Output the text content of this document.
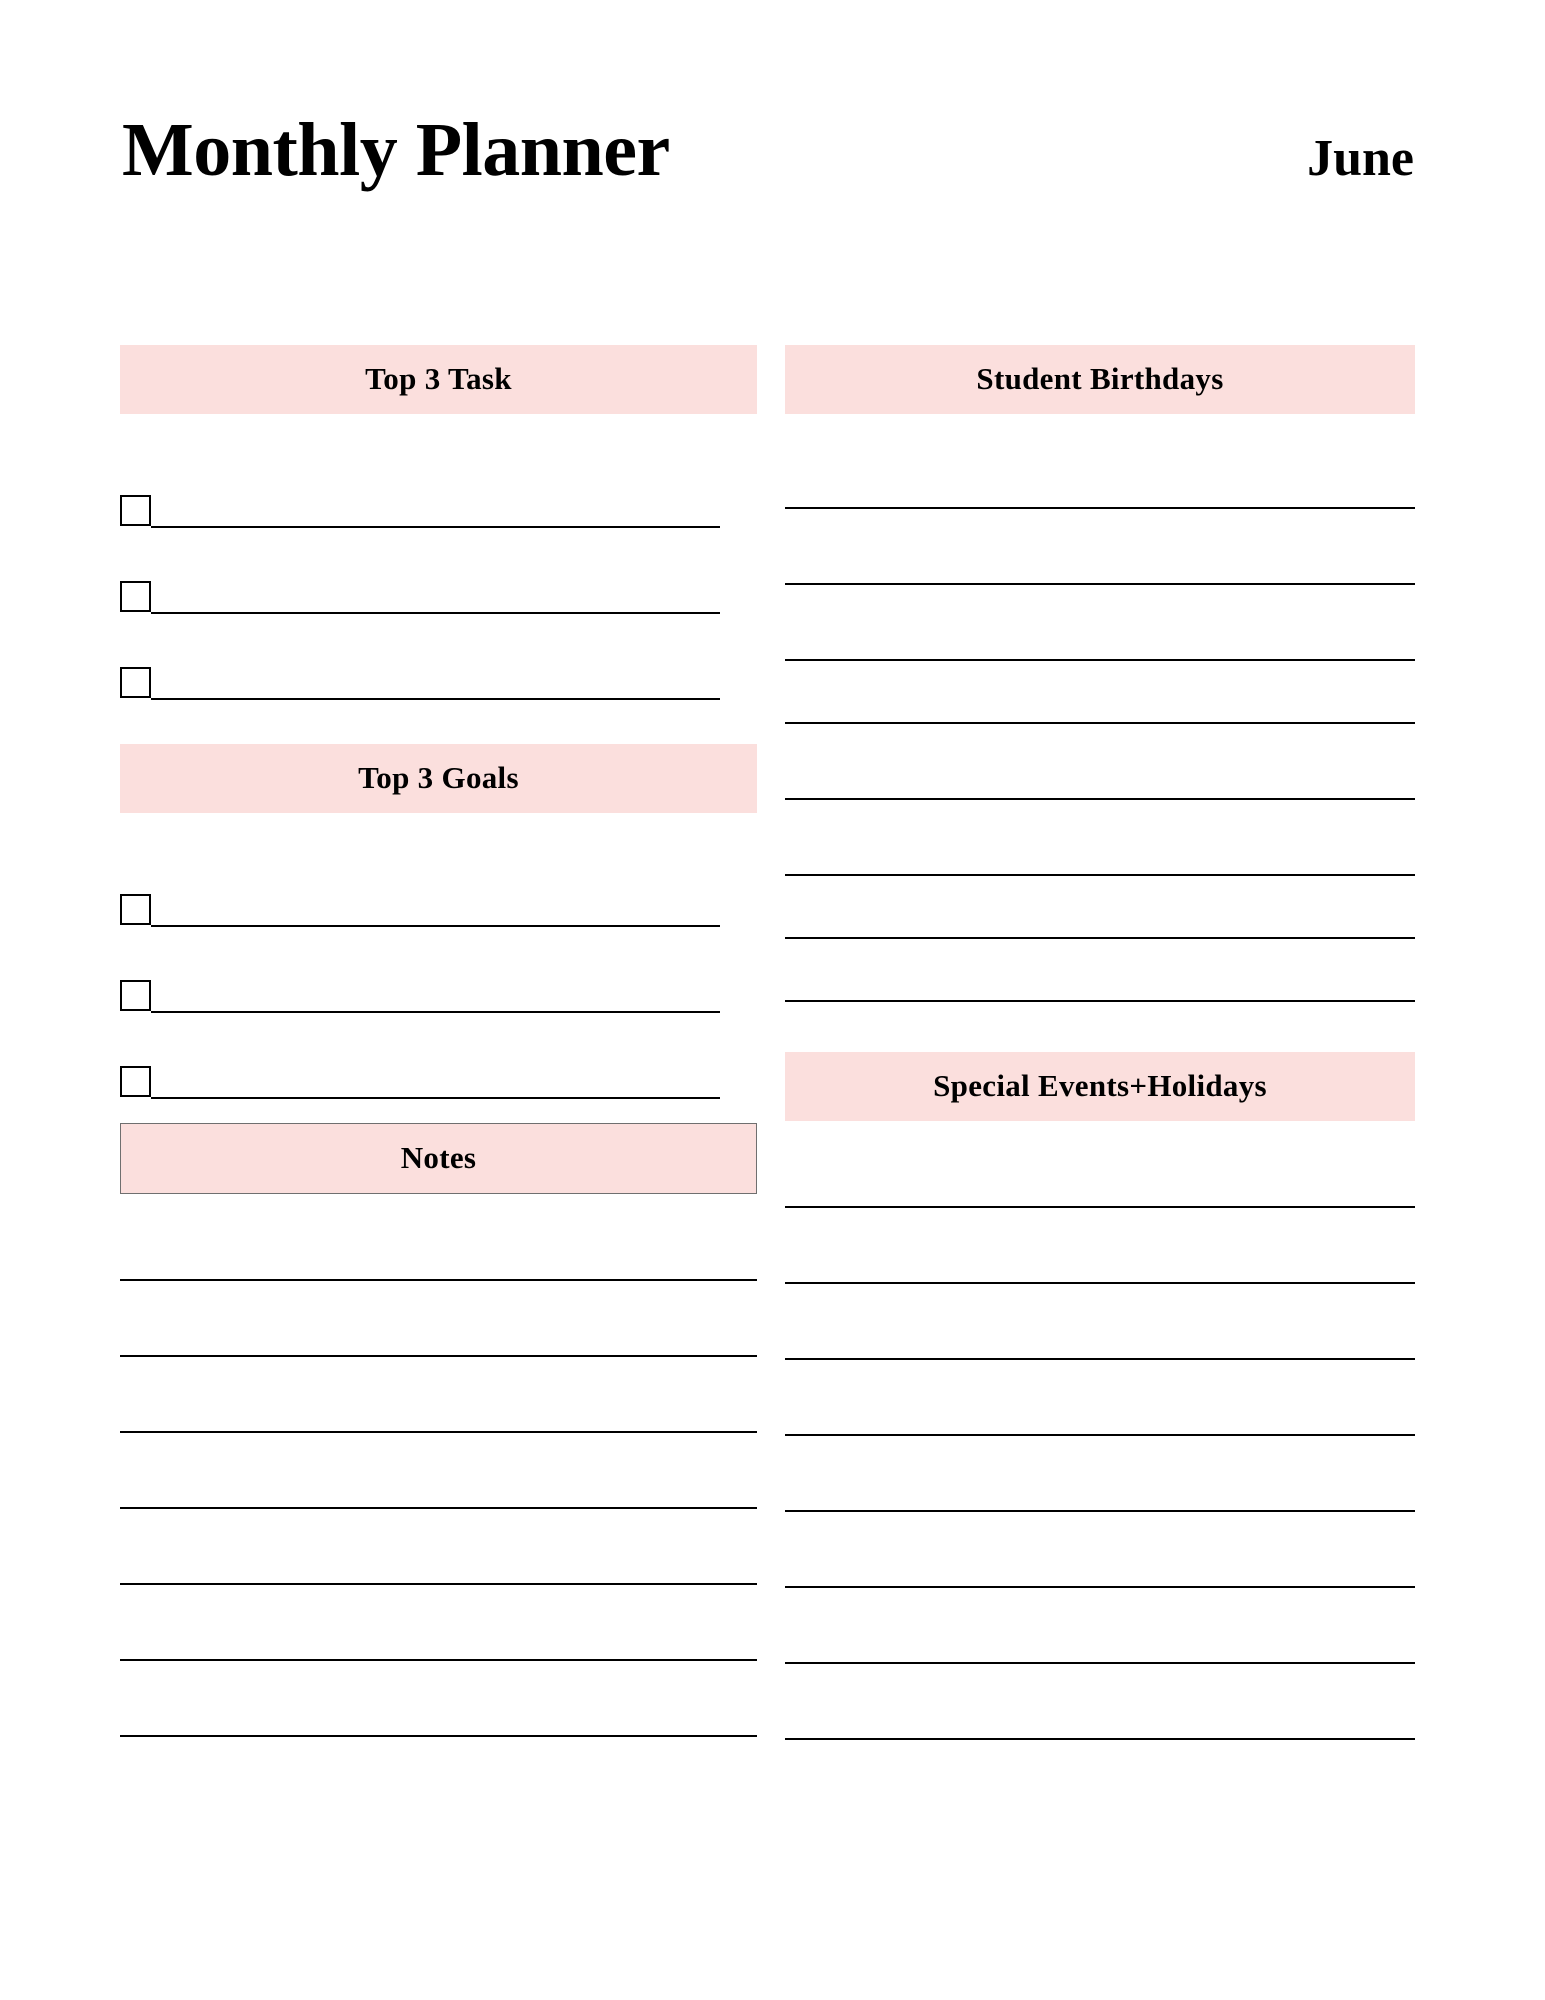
Monthly Planner	June
Top 3 Task
Top 3 Goals
Notes
Student Birthdays
Special Events+Holidays
